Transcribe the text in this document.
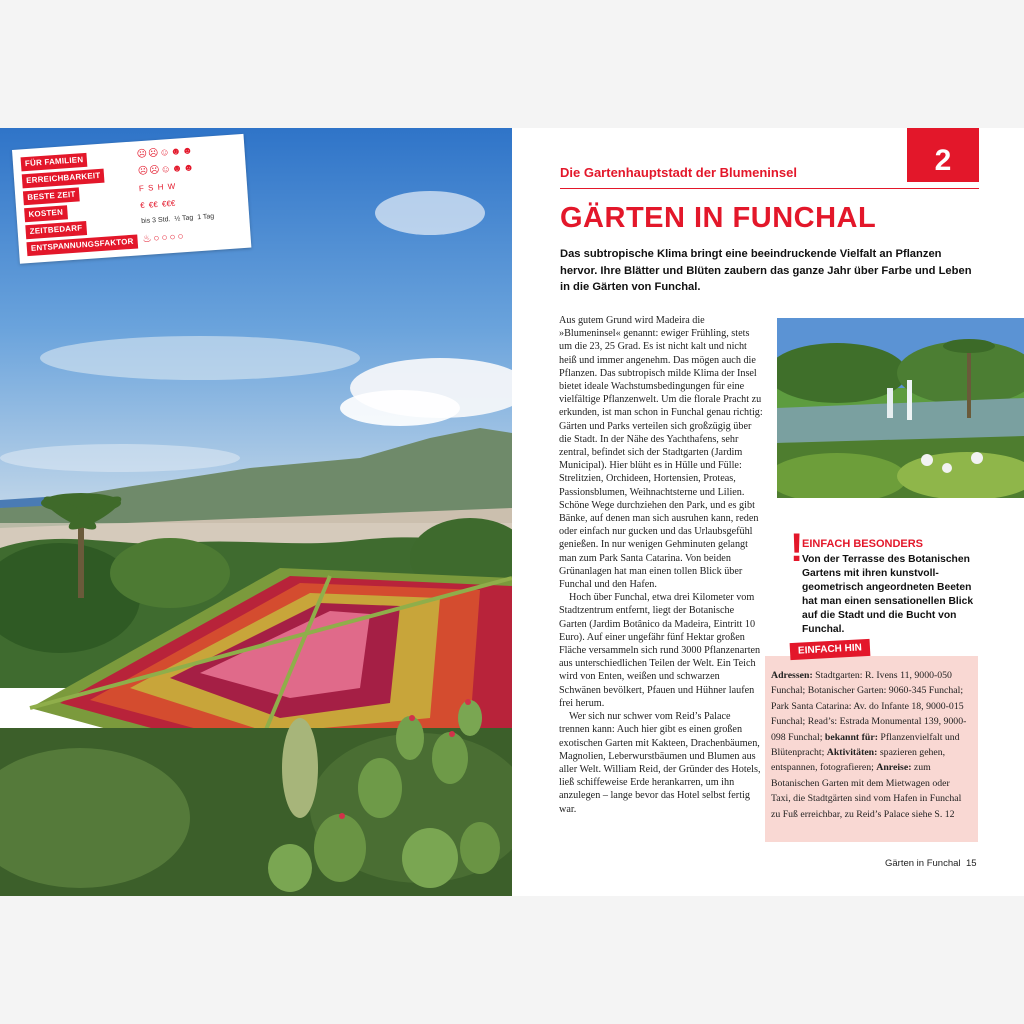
FÜR FAMILIEN
ERREICHBARKEIT
BESTE ZEIT
KOSTEN
ZEITBEDARF
ENTSPANNUNGSFAKTOR
☹☹☺☻☻
☹☹☺☻☻
F S H W
€ €€ €€€
bis 3 Std. ½ Tag 1 Tag
♨○○○○
2
Die Gartenhauptstadt der Blumeninsel
GÄRTEN IN FUNCHAL
Das subtropische Klima bringt eine beeindruckende Vielfalt an Pflanzen hervor. Ihre Blätter und Blüten zaubern das ganze Jahr über Farbe und Leben in die Gärten von Funchal.

Aus gutem Grund wird Madeira die »Blumeninsel« genannt: ewiger Frühling, stets um die 23, 25 Grad. Es ist nicht kalt und nicht heiß und immer angenehm. Das mögen auch die Pflanzen. Das subtropisch milde Klima der Insel bietet ideale Wachstumsbedingungen für eine vielfältige Pflanzenwelt. Um die florale Pracht zu erkunden, ist man schon in Funchal genau richtig: Gärten und Parks verteilen sich großzügig über die Stadt. In der Nähe des Yachthafens, sehr zentral, befindet sich der Stadtgarten (Jardim Municipal). Hier blüht es in Hülle und Fülle: Strelitzien, Orchideen, Hortensien, Proteas, Passionsblumen, Weihnachtsterne und Lilien. Schöne Wege durchziehen den Park, und es gibt Bänke, auf denen man sich ausruhen kann, reden oder einfach nur gucken und das Urlaubsgefühl genießen. In nur wenigen Gehminuten gelangt man zum Park Santa Catarina. Von beiden Grünanlagen hat man einen tollen Blick über Funchal und den Hafen.

Hoch über Funchal, etwa drei Kilometer vom Stadtzentrum entfernt, liegt der Botanische Garten (Jardim Botânico da Madeira, Eintritt 10 Euro). Auf einer ungefähr fünf Hektar großen Fläche versammeln sich rund 3000 Pflanzenarten aus unterschiedlichen Teilen der Welt. Ein Teich wird von Enten, weißen und schwarzen Schwänen bevölkert, Pfauen und Hühner laufen frei herum.

Wer sich nur schwer vom Reid’s Palace trennen kann: Auch hier gibt es einen großen exotischen Garten mit Kakteen, Drachenbäumen, Magnolien, Leberwurstbäumen und Blumen aus aller Welt. William Reid, der Gründer des Hotels, ließ schiffeweise Erde herankarren, um ihn anzulegen – lange bevor das Hotel selbst fertig war.

!
EINFACH BESONDERS
Von der Terrasse des Botanischen Gartens mit ihren kunstvoll-geometrisch angeordneten Beeten hat man einen sensationellen Blick auf die Stadt und die Bucht von Funchal.
EINFACH HIN
Adressen: Stadtgarten: R. Ivens 11, 9000-050 Funchal; Botanischer Garten: 9060-345 Funchal; Park Santa Catarina: Av. do Infante 18, 9000-015 Funchal; Read’s: Estrada Monumental 139, 9000-098 Funchal; bekannt für: Pflanzenvielfalt und Blütenpracht; Aktivitäten: spazieren gehen, entspannen, fotografieren; Anreise: zum Botanischen Garten mit dem Mietwagen oder Taxi, die Stadtgärten sind vom Hafen in Funchal zu Fuß erreichbar, zu Reid’s Palace siehe S. 12
Gärten in Funchal 15
